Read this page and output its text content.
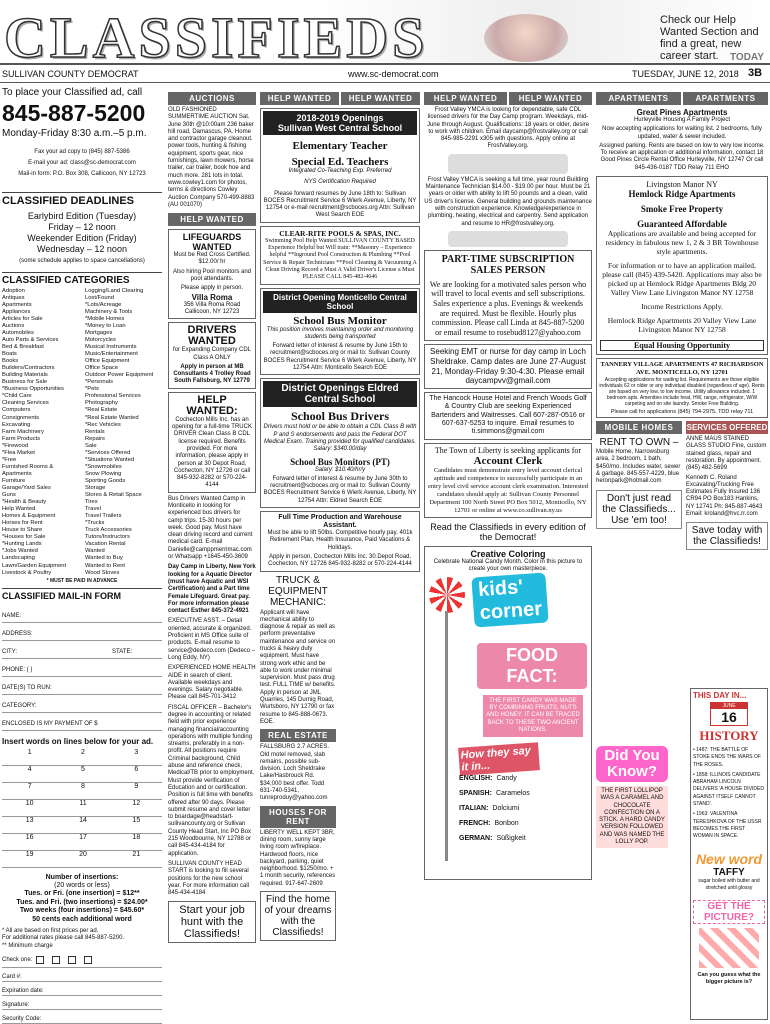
CLASSIFIEDS	Check our Help Wanted Section and find a great, new career start.	TODAY
SULLIVAN COUNTY DEMOCRAT	www.sc-democrat.com	TUESDAY, JUNE 12, 2018 3B
To place your Classified ad, call
845-887-5200
Monday-Friday 8:30 a.m.–5 p.m.
Fax your ad copy to (845) 887-5386
E-mail your ad: class@sc-democrat.com
Mail-in form: P.O. Box 308, Callicoon, NY 12723
CLASSIFIED DEADLINES
Earlybird Edition (Tuesday)
Friday – 12 noon
Weekender Edition (Friday)
Wednesday – 12 noon
(some schedule applies to space cancellations)
CLASSIFIED CATEGORIES
Adoption
Antiques
Apartments
Appliances
Articles for Sale
Auctions
Automobiles
Auto Parts & Services
Bed & Breakfast
Boats
Books
Builders/Contractors
Building Materials
Business for Sale
*Business Opportunities
*Child Care
Cleaning Services
Computers
Consignments
Excavating
Farm Machinery
Farm Products
*Firewood
*Flea Market
*Free
Furnished Rooms & Apartments
Furniture
Garage/Yard Sales
Guns
*Health & Beauty
Help Wanted
Homes & Equipment
Horses for Rent
House to Share
*Houses for Sale
*Hunting Lands
*Jobs Wanted
Landscaping
Lawn/Garden Equipment
Livestock & Poultry
Logging/Land Clearing
Lost/Found
*Lots/Acreage
Machinery & Tools
*Mobile Homes
*Money to Loan
Mortgages
Motorcycles
Musical Instruments
Music/Entertainment
Office Equipment
Office Space
Outdoor Power Equipment
*Personals
*Pets
Professional Services
Photography
*Real Estate
*Real Estate Wanted
*Rec Vehicles
Rentals
Repairs
Sale
*Services Offered
*Situations Wanted
*Snowmobiles
Snow Plowing
Sporting Goods
Storage
Stores & Retail Space
Tires
Travel
Travel Trailers
*Trucks
Truck Accessories
Tutors/Instructors
Vacation Rental
Wanted
Wanted to Buy
Wanted to Rent
Wood Stoves
* MUST BE PAID IN ADVANCE
CLASSIFIED MAIL-IN FORM
NAME:
ADDRESS:
CITY:	STATE:
PHONE: ( )
DATE(S) TO RUN:
CATEGORY:
ENCLOSED IS MY PAYMENT OF $
Insert words on lines below for your ad.
1	2	3
4	5	6
7	8	9
10	11	12
13	14	15
16	17	18
19	20	21
Number of insertions:
(20 words or less)
Tues. or Fri. (one insertion) = $12**
Tues. and Fri. (two insertions) = $24.00*
Two weeks (four insertions) = $45.60*
50 cents each additional word
* All are based on first prices per ad.
For additional rates please call 845-887-5200.
** Minimum charge
Check one:
Card #:
Expiration date:
Signature:
Security Code:
AUCTIONS
OLD FASHIONED SUMMERTIME AUCTION Sat. June 30th @10:00am 236 baker hill road, Damascus, PA. Home and contractor garage cleanout. power tools, hunting & fishing equipment, sports gear, nice furnishings, lawn mowers, horse trailer, car trailer, book hoe and much more. 281 lots in total. www.cowley1.com for photos, terms & directions Cowley Auction Company 570-499-8883 (AU 001070)
HELP WANTED
LIFEGUARDS WANTED
Must be Red Cross Certified. $12.00/ hr
Also hiring Pool monitors and pool attendants.
Please apply in person.
Villa Roma
356 Villa Roma Road Callicoon, NY 12723
DRIVERS WANTED
for Expanding Company CDL Class A ONLY
Apply in person at MB Consultants 4 Trolley Road South Fallsburg, NY 12779
HELP WANTED:
Cochecton Mills Inc. has an opening for a full-time TRUCK DRIVER Clean Class B CDL license required. Benefits provided. For more information, please apply in person at 30 Depot Road, Cochecton, NY 12726 or call 845-932-8282 or 570-224-4144
Bus Drivers Wanted Camp in Monticello in looking for experienced bus drivers for camp trips. 15-30 hours per week. Good pay. Must have clean driving record and current medical card. E-mail Danielle@camppmerrimac.com or Whatsapp +1645-450-3609
Day Camp in Liberty, New York looking for a Aquatic Director (must have Aquatic and WSI Certification) and a Part time Female Lifeguard. Great pay. For more information please contact Esther 845-372-4921
EXECUTIVE ASST. – Detail oriented, accurate & organized. Proficient in MS Office suite of products. E-mail resume to service@dedeco.com (Dedeco – Long Eddy, NY)
EXPERIENCED HOME HEALTH AIDE in search of client. Available weekdays and evenings. Salary negotiable. Please call 845-701-3412
FISCAL OFFICER – Bachelor's degree in accounting or related field with prior experience managing financial/accounting operations with multiple funding streams, preferably in a non-profit. All positions require Criminal background, Child abuse and reference check, Medical/TB prior to employment. Must provide verification of Education and or certification. Position is full time with benefits offered after 90 days. Please submit resume and cover letter to boardage@headstart-sullivancounty.org or Sullivan County Head Start, Inc PO Box 215 Woodbourne, NY 12788 or call 845-434-4184 for application.
SULLIVAN COUNTY HEAD START is looking to fill several positions for the new school year. For more information call 845-434-4184
Start your job hunt with the Classifieds!
HELP WANTED	HELP WANTED
2018-2019 Openings
Sullivan West Central School
Elementary Teacher
Special Ed. Teachers
Integrated Co-Teaching Exp. Preferred
NYS Certification Required
Please forward resumes by June 18th to: Sullivan BOCES Recruitment Service 6 Wierk Avenue, Liberty, NY 12754 or e-mail recruitment@scboces.org Attn: Sullivan West Search EOE
CLEAR-RITE POOLS & SPAS, INC.
Swimming Pool Help Wanted SULLIVAN COUNTY BASED Experience Helpful but Will train: **Masonry – Experience helpful **Inground Pool Construction & Plumbing **Pool Service & Repair Technicians **Pool Cleaning & Vacuuming A Clean Driving Record a Must A Valid Driver's License a Must PLEASE CALL 845-482-4646
District Opening Monticello Central School
School Bus Monitor
This position involves maintaining order and monitoring students being transported
Forward letter of interest & resume by June 15th to recruitment@scboces.org or mail to: Sullivan County BOCES Recruitment Service 6 Wierk Avenue, Liberty, NY 12754 Attn: Monticello Search EOE
District Openings Eldred Central School
School Bus Drivers
Drivers must hold or be able to obtain a CDL Class B with P and S endorsements and pass the Federal DOT Medical Exam. Training provided for qualified candidates. Salary: $340.00/day
School Bus Monitors (PT)
Salary: $10.40/hr/y
Forward letter of interest & resume by June 30th to recruitment@scboces.org or mail to: Sullivan County BOCES Recruitment Service 6 Wierk Avenue, Liberty, NY 12754 Attn: Eldred Search EOE
Full Time Production and Warehouse Assistant.
Must be able to lift 50lbs. Competitive hourly pay, 401k Retirement Plan, Health Insurance, Paid Vacations & Holidays.
Apply in person, Cochecton Mills Inc. 30 Depot Road, Cochecton, NY 12726 845-932-8282 or 570-224-4144
TRUCK & EQUIPMENT MECHANIC:
Applicant will have mechanical ability to diagnose & repair as well as perform preventative maintenance and service on trucks & heavy duty equipment. Must have strong work ethic and be able to work under minimal supervision. Must pass drug test. FULL TIME w/ benefits. Apply in person at JML Quarries, 145 Durnig Road, Wurtsboro, NY 12790 or fax resume to 845-888-0673. EOE.
REAL ESTATE
FALLSBURG 2.7 ACRES. Old motel removed, slab remains, possible sub-division. Loch Sheldrake Lake/Hasbrouck Rd. $34,000 best offer. Todd 631-740-5341, tunreproduy@yahoo.com
HOUSES FOR RENT
LIBERTY WELL KEPT 3BR, dining room, sunny large living room w/fireplace. Hardwood floors, nice backyard, parking, quiet neighborhood. $1250/mo. + 1 month security, references required. 917-647-2609
Find the home of your dreams with the Classifieds!
HELP WANTED	HELP WANTED
Frost Valley YMCA is looking for dependable, safe CDL licensed drivers for the Day Camp program. Weekdays, mid-June through August. Qualifications: 18 years or older, desire to work with children. Email daycamp@frostvalley.org or call 845-985-2291 x305 with questions. Apply online at FrostValley.org.
Frost Valley YMCA is seeking a full time, year round Building Maintenance Technician $14.00 - $19.00 per hour. Must be 21 years or older with ability to lift 50 pounds and a clean, valid US driver's license. General building and grounds maintenance with construction experience. Knowledge/experience in plumbing, heating, electrical and carpentry. Send application and resume to HR@frostvalley.org.
PART-TIME SUBSCRIPTION SALES PERSON
We are looking for a motivated sales person who will travel to local events and sell subscriptions. Sales experience a plus. Evenings & weekends are required. Must be flexible. Hourly plus commission. Please call Linda at 845-887-5200 or email resume to rosebud8127@yahoo.com
Seeking EMT or nurse for day camp in Loch Sheldrake. Camp dates are June 27-August 21, Monday-Friday 9:30-4:30. Please email daycampvv@gmail.com
The Hancock House Hotel and French Woods Golf & Country Club are seeking Experienced Bartenders and Waitresses. Call 607-287-0516 or 607-637-5253 to inquire. Email resumes to ti.simmons@gmail.com
The Town of Liberty is seeking applicants for
Account Clerk
Candidates must demonstrate entry level account clerical aptitude and competence to successfully participate in an entry level civil service account clerk examination. Interested candidates should apply at: Sullivan County Personnel Department 100 North Street PO Box 5012, Monticello, NY 12701 or online at www.co.sullivan.ny.us
Read the Classifieds in every edition of the Democrat!
Creative Coloring
Celebrate National Candy Month. Color in this picture to create your own masterpiece.
kids'
corner
FOOD FACT:
THE FIRST CANDY WAS MADE BY COMBINING FRUITS, NUTS AND HONEY. IT CAN BE TRACED BACK TO THESE TWO ANCIENT NATIONS.
How they say it in...
ENGLISH: Candy
SPANISH: Caramelos
ITALIAN: Dolciumi
FRENCH: Bonbon
GERMAN: Süßigkeit
Did You
Know?
THE FIRST LOLLIPOP WAS A CARAMEL AND CHOCOLATE CONFECTION ON A STICK. A HARD CANDY VERSION FOLLOWED AND WAS NAMED THE LOLLY POP.
APARTMENTS	APARTMENTS
Great Pines Apartments
Hurleyville Housing A Family Project
Now accepting applications for waiting list. 2 bedrooms, fully updated, water & sewer included.
Assigned parking. Rents are based on low to very low income. To receive an application or additional information, contact 18 Good Pines Circle Rental Office Hurleyville, NY 12747 Or call 845-436-0187 TDD Relay 711 EHO
Livingston Manor NY
Hemlock Ridge Apartments
Smoke Free Property
Guaranteed Affordable
Applications are available and being accepted for residency in fabulous new 1, 2 & 3 BR Townhouse style apartments.
For information or to have an application mailed, please call (845) 439-5420. Applications may also be picked up at Hemlock Ridge Apartments Bldg 20 Valley View Lane Livingston Manor NY 12758
Income Restrictions Apply.
Hemlock Ridge Apartments 20 Valley View Lane Livingston Manor NY 12758
Equal Housing Opportunity
TANNERY VILLAGE APARTMENTS 47 RICHARDSON AVE. MONTICELLO, NY 12701
Accepting applications for waiting list. Requirements are those eligible individuals 62 or older or any individual disabled (regardless of age). Rents are based on very low, to low income. Utility allowance included. 1 bedroom apts. Amenities include heat, HW, range, refrigerator, W/W carpeting and on site laundry. Smoke Free Building.
Please call for applications (845) 794-2975, TDD relay 711
MOBILE HOMES
RENT TO OWN –
Mobile Home, Narrowsburg area, 2 bedroom, 1 bath, $450/mo. Includes water, sewer & garbage. 845-557-4229, blue heronpark@hotmail.com
Don't just read the Classifieds... Use 'em too!
SERVICES OFFERED
ANNE MAUS STAINED GLASS STUDIO Fine, custom stained glass, repair and restoration. By appointment. (845) 482-5699
Kenneth C. Roland Excavating/Trucking Free Estimates Fully Insured 136 CR94 PO Box183 Hankins, NY 12741 Ph: 845-887-4643 Email: kroland@hvc.rr.com
Save today with the Classifieds!
THIS DAY IN...
JUNE
16
HISTORY
• 1487: THE BATTLE OF STOKE ENDS THE WARS OF THE ROSES.
• 1858: ILLINOIS CANDIDATE ABRAHAM LINCOLN DELIVERS 'A HOUSE DIVIDED AGAINST ITSELF CANNOT STAND'.
• 1963: VALENTINA TERESHKOVA OF THE USSR BECOMES THE FIRST WOMAN IN SPACE.
New word
TAFFY
sugar boiled with butter and stretched until glossy
GET THE PICTURE?
Can you guess what the bigger picture is?
